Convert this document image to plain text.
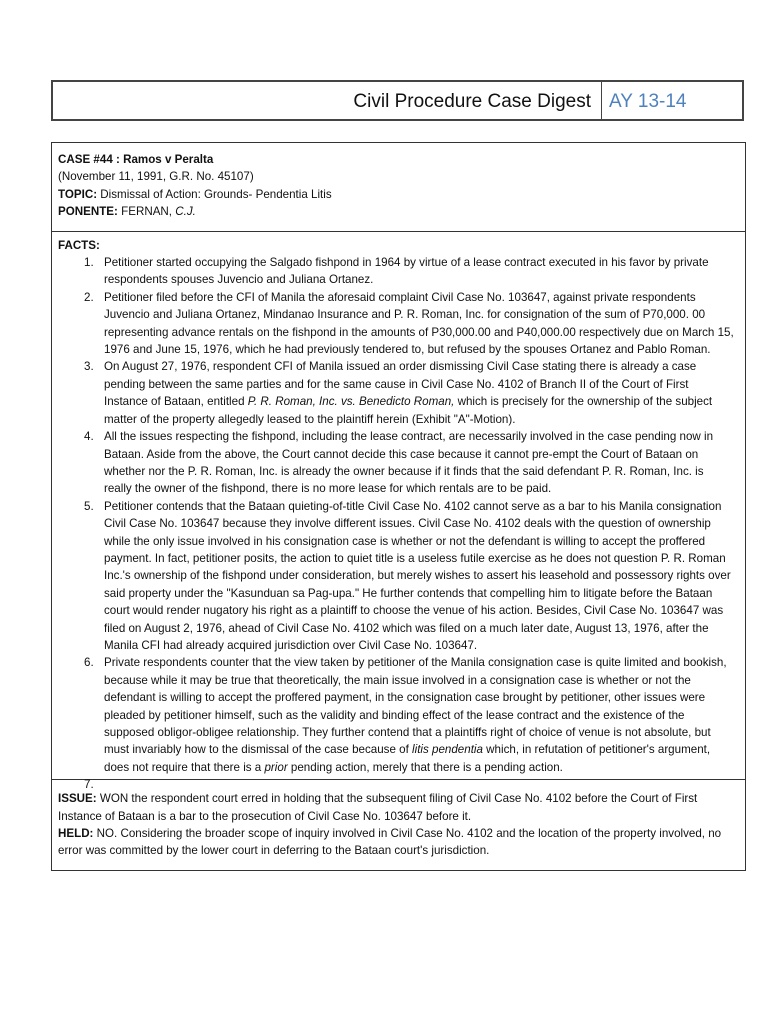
Civil Procedure Case Digest AY 13-14
CASE #44 : Ramos v Peralta
(November 11, 1991, G.R. No. 45107)
TOPIC: Dismissal of Action: Grounds- Pendentia Litis
PONENTE: FERNAN, C.J.
FACTS:
1. Petitioner started occupying the Salgado fishpond in 1964 by virtue of a lease contract executed in his favor by private respondents spouses Juvencio and Juliana Ortanez.
2. Petitioner filed before the CFI of Manila the aforesaid complaint Civil Case No. 103647, against private respondents Juvencio and Juliana Ortanez, Mindanao Insurance and P. R. Roman, Inc. for consignation of the sum of P70,000. 00 representing advance rentals on the fishpond in the amounts of P30,000.00 and P40,000.00 respectively due on March 15, 1976 and June 15, 1976, which he had previously tendered to, but refused by the spouses Ortanez and Pablo Roman.
3. On August 27, 1976, respondent CFI of Manila issued an order dismissing Civil Case stating there is already a case pending between the same parties and for the same cause in Civil Case No. 4102 of Branch II of the Court of First Instance of Bataan, entitled P. R. Roman, Inc. vs. Benedicto Roman, which is precisely for the ownership of the subject matter of the property allegedly leased to the plaintiff herein (Exhibit "A"-Motion).
4. All the issues respecting the fishpond, including the lease contract, are necessarily involved in the case pending now in Bataan. Aside from the above, the Court cannot decide this case because it cannot pre-empt the Court of Bataan on whether nor the P. R. Roman, Inc. is already the owner because if it finds that the said defendant P. R. Roman, Inc. is really the owner of the fishpond, there is no more lease for which rentals are to be paid.
5. Petitioner contends that the Bataan quieting-of-title Civil Case No. 4102 cannot serve as a bar to his Manila consignation Civil Case No. 103647 because they involve different issues. Civil Case No. 4102 deals with the question of ownership while the only issue involved in his consignation case is whether or not the defendant is willing to accept the proffered payment. In fact, petitioner posits, the action to quiet title is a useless futile exercise as he does not question P. R. Roman Inc.'s ownership of the fishpond under consideration, but merely wishes to assert his leasehold and possessory rights over said property under the "Kasunduan sa Pag-upa." He further contends that compelling him to litigate before the Bataan court would render nugatory his right as a plaintiff to choose the venue of his action. Besides, Civil Case No. 103647 was filed on August 2, 1976, ahead of Civil Case No. 4102 which was filed on a much later date, August 13, 1976, after the Manila CFI had already acquired jurisdiction over Civil Case No. 103647.
6. Private respondents counter that the view taken by petitioner of the Manila consignation case is quite limited and bookish, because while it may be true that theoretically, the main issue involved in a consignation case is whether or not the defendant is willing to accept the proffered payment, in the consignation case brought by petitioner, other issues were pleaded by petitioner himself, such as the validity and binding effect of the lease contract and the existence of the supposed obligor-obligee relationship. They further contend that a plaintiffs right of choice of venue is not absolute, but must invariably how to the dismissal of the case because of litis pendentia which, in refutation of petitioner's argument, does not require that there is a prior pending action, merely that there is a pending action.
7.
ISSUE: WON the respondent court erred in holding that the subsequent filing of Civil Case No. 4102 before the Court of First Instance of Bataan is a bar to the prosecution of Civil Case No. 103647 before it.
HELD: NO. Considering the broader scope of inquiry involved in Civil Case No. 4102 and the location of the property involved, no error was committed by the lower court in deferring to the Bataan court's jurisdiction.
